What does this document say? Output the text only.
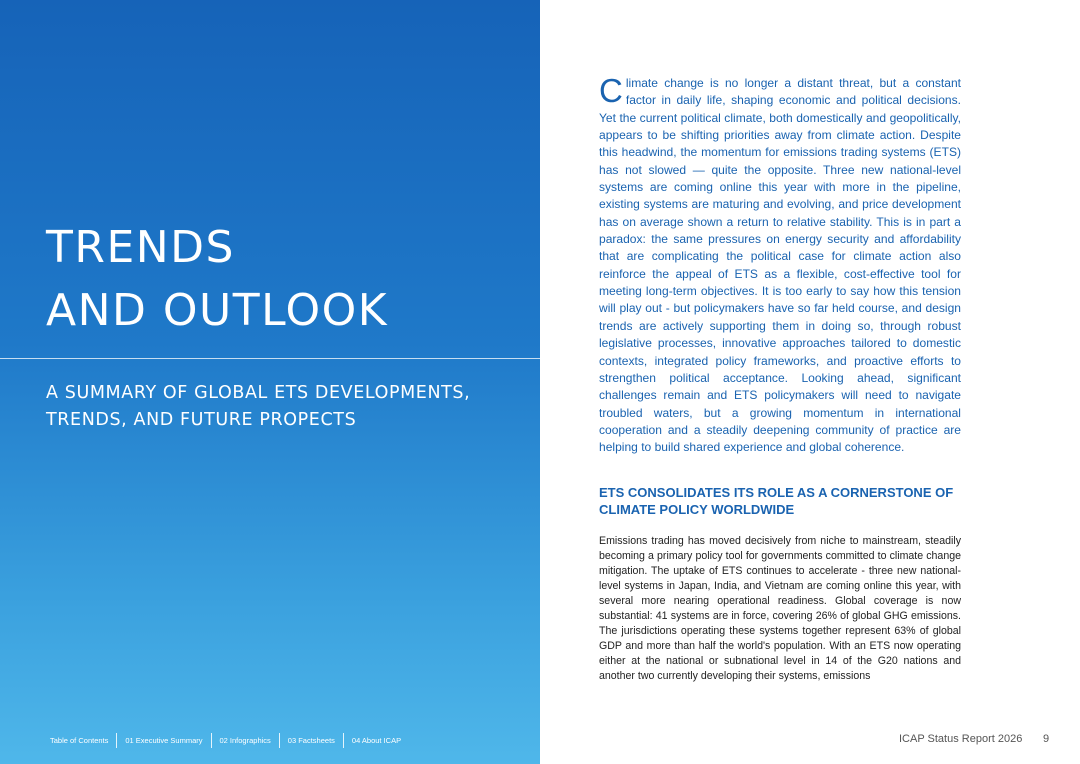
TRENDS
AND OUTLOOK

A SUMMARY OF GLOBAL ETS DEVELOPMENTS,

TRENDS, AND FUTURE PROPECTS

Table of Contents 01 Executive Summary 02 Infographics 03 Factsheets 04 About ICAP

Climate change is no longer a distant threat, but a constant factor in daily life, shaping economic and political decisions. Yet the current political climate, both domestically and geopolitically, appears to be shifting priorities away from climate action. Despite this headwind, the momentum for emissions trading systems (ETS) has not slowed — quite the opposite. Three new national-level systems are coming online this year with more in the pipeline, existing systems are maturing and evolving, and price development has on average shown a return to relative stability. This is in part a paradox: the same pressures on energy security and affordability that are complicating the political case for climate action also reinforce the appeal of ETS as a flexible, cost-effective tool for meeting long-term objectives. It is too early to say how this tension will play out - but policymakers have so far held course, and design trends are actively supporting them in doing so, through robust legislative processes, innovative approaches tailored to domestic contexts, integrated policy frameworks, and proactive efforts to strengthen political acceptance. Looking ahead, significant challenges remain and ETS policymakers will need to navigate troubled waters, but a growing momentum in international cooperation and a steadily deepening community of practice are helping to build shared experience and global coherence.

ETS CONSOLIDATES ITS ROLE AS A CORNERSTONE OF CLIMATE POLICY WORLDWIDE

Emissions trading has moved decisively from niche to mainstream, steadily becoming a primary policy tool for governments committed to climate change mitigation. The uptake of ETS continues to accelerate - three new national-level systems in Japan, India, and Vietnam are coming online this year, with several more nearing operational readiness. Global coverage is now substantial: 41 systems are in force, covering 26% of global GHG emissions. The jurisdictions operating these systems together represent 63% of global GDP and more than half the world's population. With an ETS now operating either at the national or subnational level in 14 of the G20 nations and another two currently developing their systems, emissions

ICAP Status Report 2026 9
